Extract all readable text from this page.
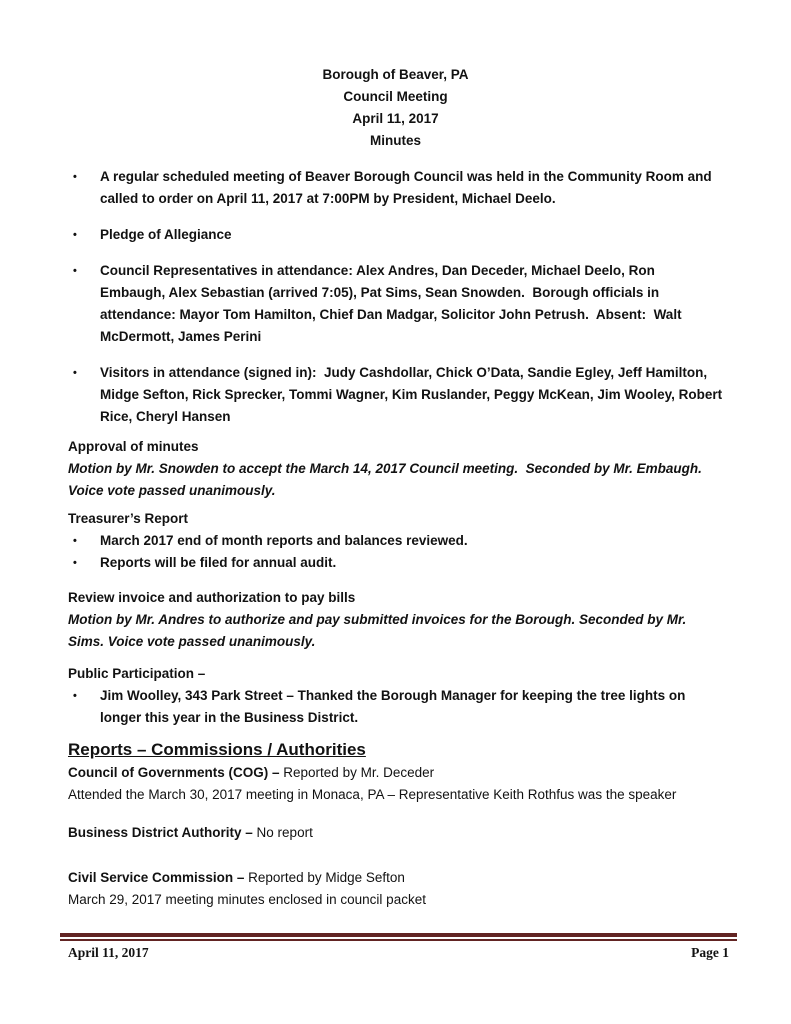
Borough of Beaver, PA
Council Meeting
April 11, 2017
Minutes
•	A regular scheduled meeting of Beaver Borough Council was held in the Community Room and called to order on April 11, 2017 at 7:00PM by President, Michael Deelo.
•	Pledge of Allegiance
•	Council Representatives in attendance: Alex Andres, Dan Deceder, Michael Deelo, Ron Embaugh, Alex Sebastian (arrived 7:05), Pat Sims, Sean Snowden.  Borough officials in attendance: Mayor Tom Hamilton, Chief Dan Madgar, Solicitor John Petrush.  Absent:  Walt McDermott, James Perini
•	Visitors in attendance (signed in):  Judy Cashdollar, Chick O’Data, Sandie Egley, Jeff Hamilton, Midge Sefton, Rick Sprecker, Tommi Wagner, Kim Ruslander, Peggy McKean, Jim Wooley, Robert Rice, Cheryl Hansen
Approval of minutes
Motion by Mr. Snowden to accept the March 14, 2017 Council meeting.  Seconded by Mr. Embaugh. Voice vote passed unanimously.
Treasurer’s Report
•	March 2017 end of month reports and balances reviewed.
•	Reports will be filed for annual audit.
Review invoice and authorization to pay bills
Motion by Mr. Andres to authorize and pay submitted invoices for the Borough. Seconded by Mr. Sims. Voice vote passed unanimously.
Public Participation –
•	Jim Woolley, 343 Park Street – Thanked the Borough Manager for keeping the tree lights on longer this year in the Business District.
Reports – Commissions / Authorities
Council of Governments (COG) – Reported by Mr. Deceder
Attended the March 30, 2017 meeting in Monaca, PA – Representative Keith Rothfus was the speaker
Business District Authority – No report
Civil Service Commission – Reported by Midge Sefton
March 29, 2017 meeting minutes enclosed in council packet
April 11, 2017	Page 1
